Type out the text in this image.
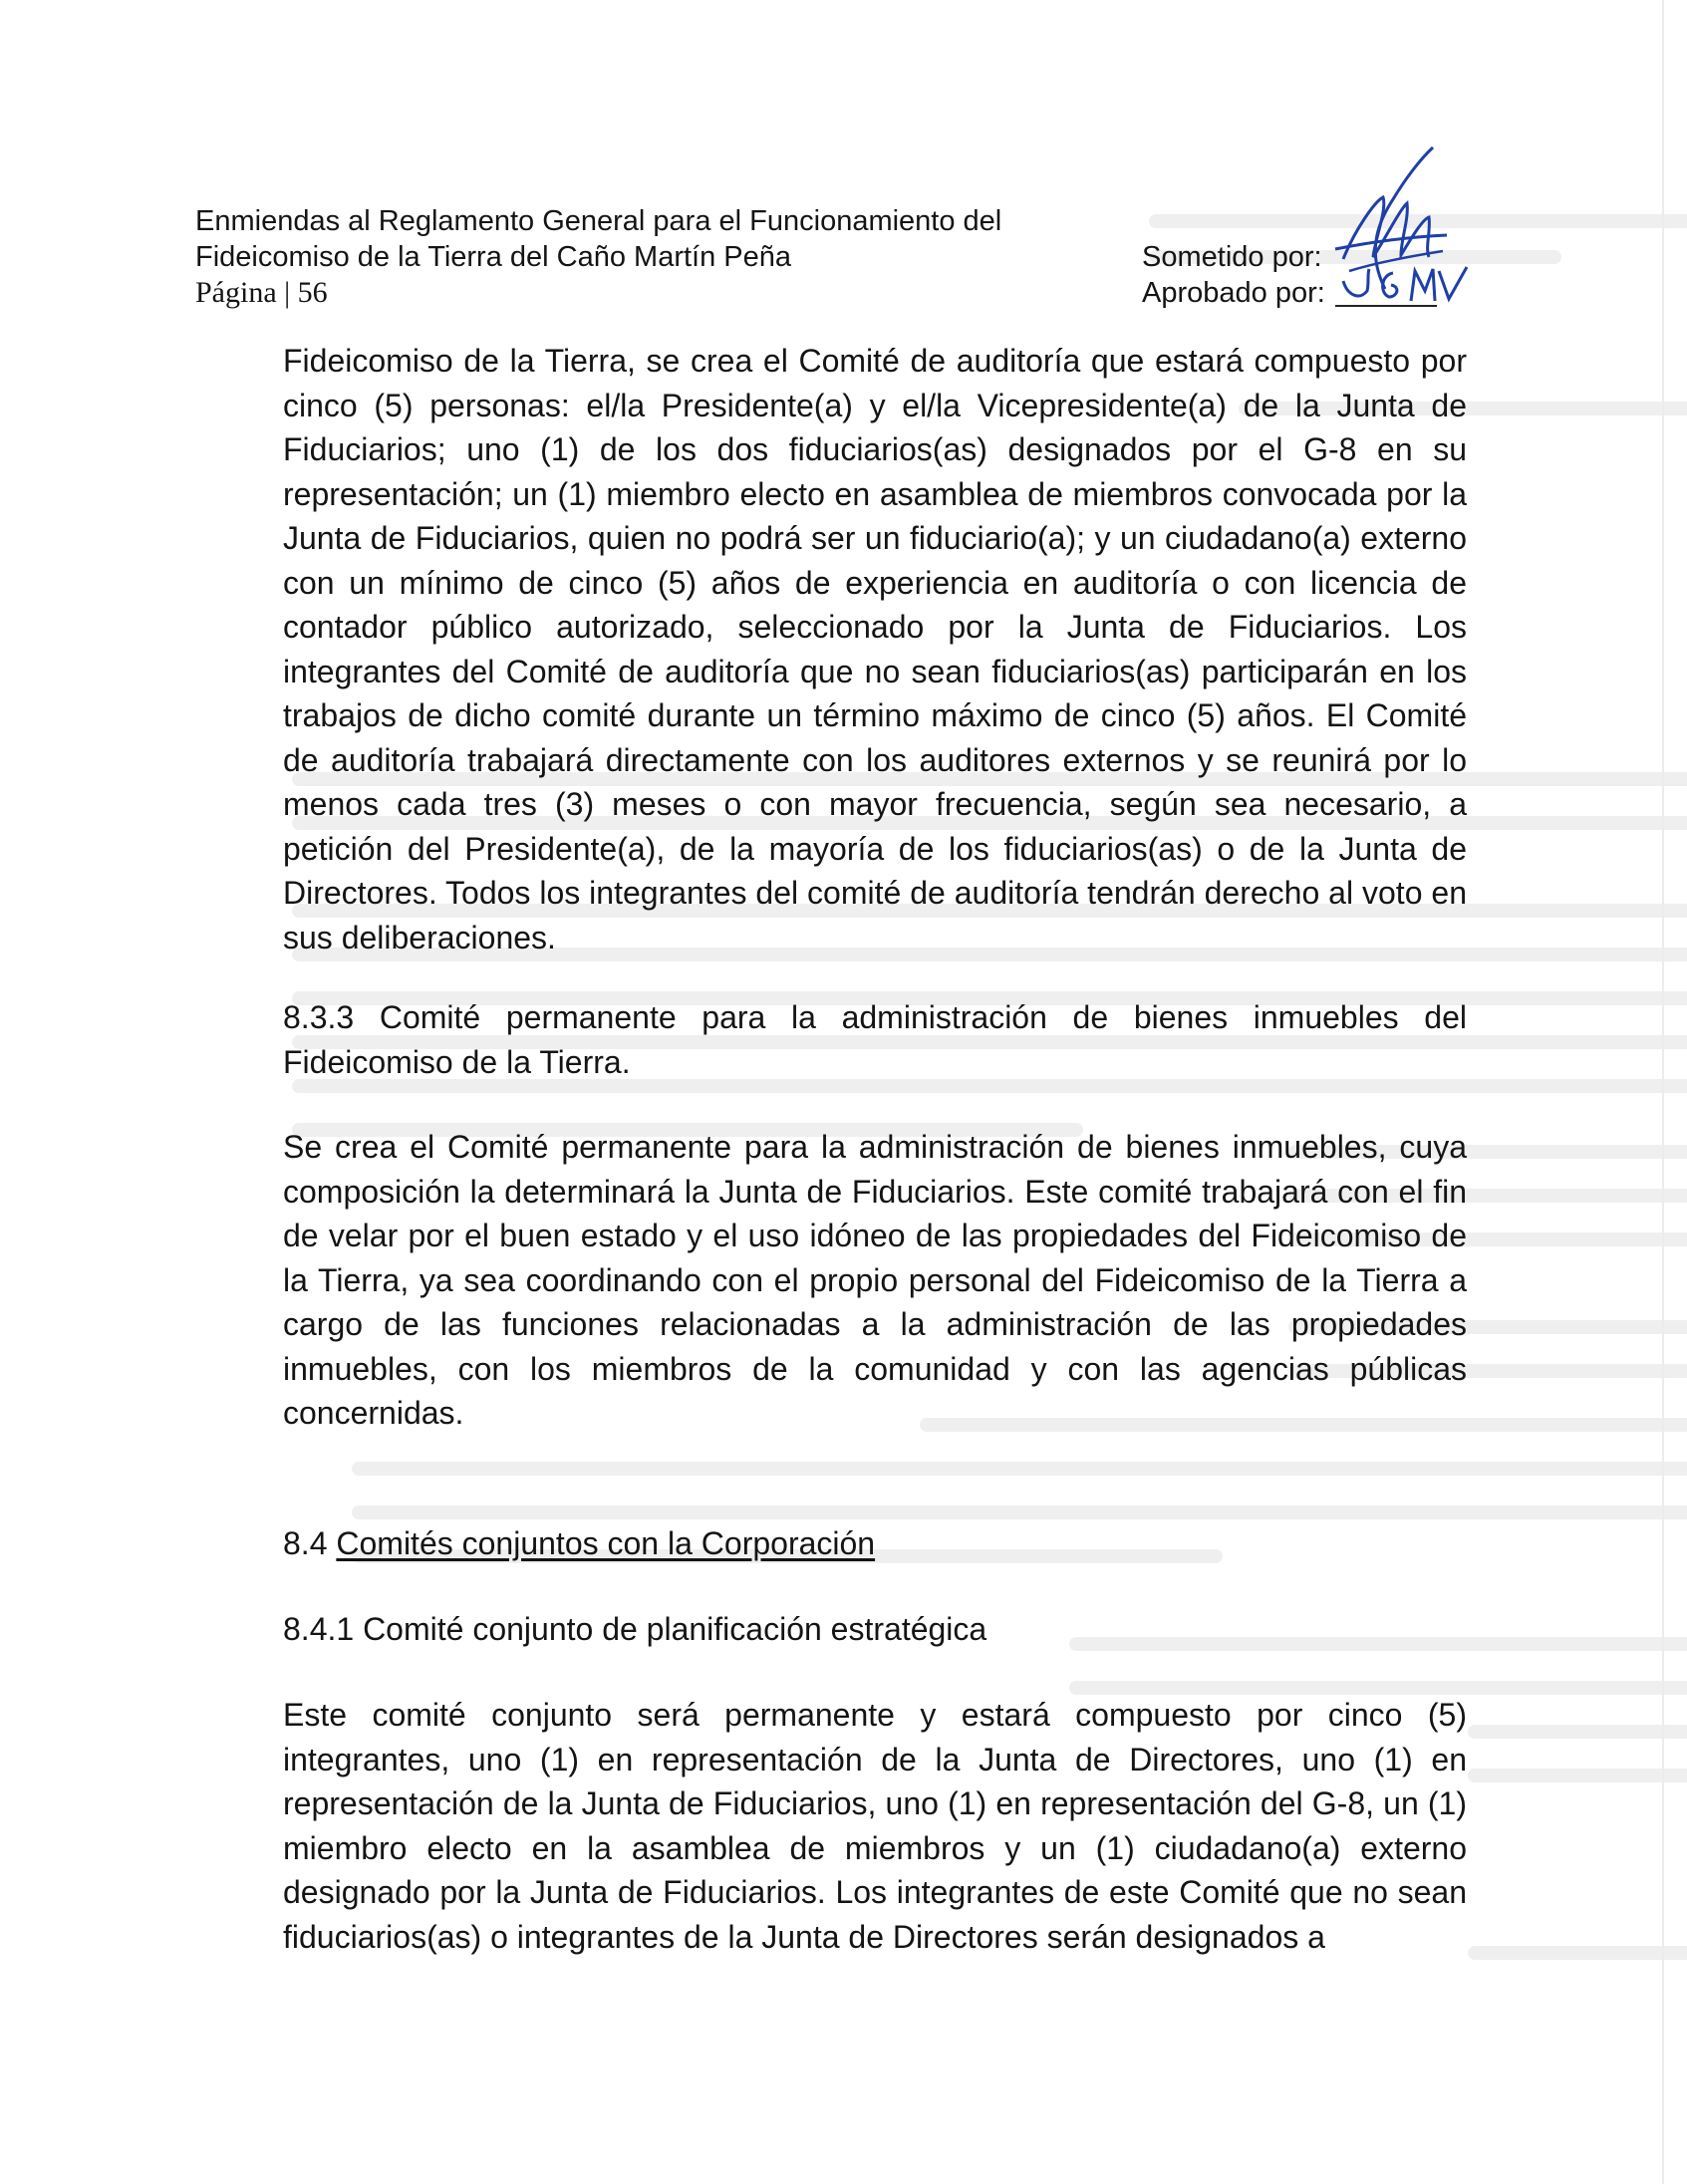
Enmiendas al Reglamento General para el Funcionamiento del
Fideicomiso de la Tierra del Caño Martín Peña
Página | 56
Sometido por:
Aprobado por:

Fideicomiso de la Tierra, se crea el Comité de auditoría que estará compuesto por cinco (5) personas: el/la Presidente(a) y el/la Vicepresidente(a) de la Junta de Fiduciarios; uno (1) de los dos fiduciarios(as) designados por el G-8 en su representación; un (1) miembro electo en asamblea de miembros convocada por la Junta de Fiduciarios, quien no podrá ser un fiduciario(a); y un ciudadano(a) externo con un mínimo de cinco (5) años de experiencia en auditoría o con licencia de contador público autorizado, seleccionado por la Junta de Fiduciarios. Los integrantes del Comité de auditoría que no sean fiduciarios(as) participarán en los trabajos de dicho comité durante un término máximo de cinco (5) años. El Comité de auditoría trabajará directamente con los auditores externos y se reunirá por lo menos cada tres (3) meses o con mayor frecuencia, según sea necesario, a petición del Presidente(a), de la mayoría de los fiduciarios(as) o de la Junta de Directores. Todos los integrantes del comité de auditoría tendrán derecho al voto en sus deliberaciones.

8.3.3 Comité permanente para la administración de bienes inmuebles del Fideicomiso de la Tierra.

Se crea el Comité permanente para la administración de bienes inmuebles, cuya composición la determinará la Junta de Fiduciarios. Este comité trabajará con el fin de velar por el buen estado y el uso idóneo de las propiedades del Fideicomiso de la Tierra, ya sea coordinando con el propio personal del Fideicomiso de la Tierra a cargo de las funciones relacionadas a la administración de las propiedades inmuebles, con los miembros de la comunidad y con las agencias públicas concernidas.

8.4 Comités conjuntos con la Corporación

8.4.1 Comité conjunto de planificación estratégica

Este comité conjunto será permanente y estará compuesto por cinco (5) integrantes, uno (1) en representación de la Junta de Directores, uno (1) en representación de la Junta de Fiduciarios, uno (1) en representación del G-8, un (1) miembro electo en la asamblea de miembros y un (1) ciudadano(a) externo designado por la Junta de Fiduciarios. Los integrantes de este Comité que no sean fiduciarios(as) o integrantes de la Junta de Directores serán designados a
